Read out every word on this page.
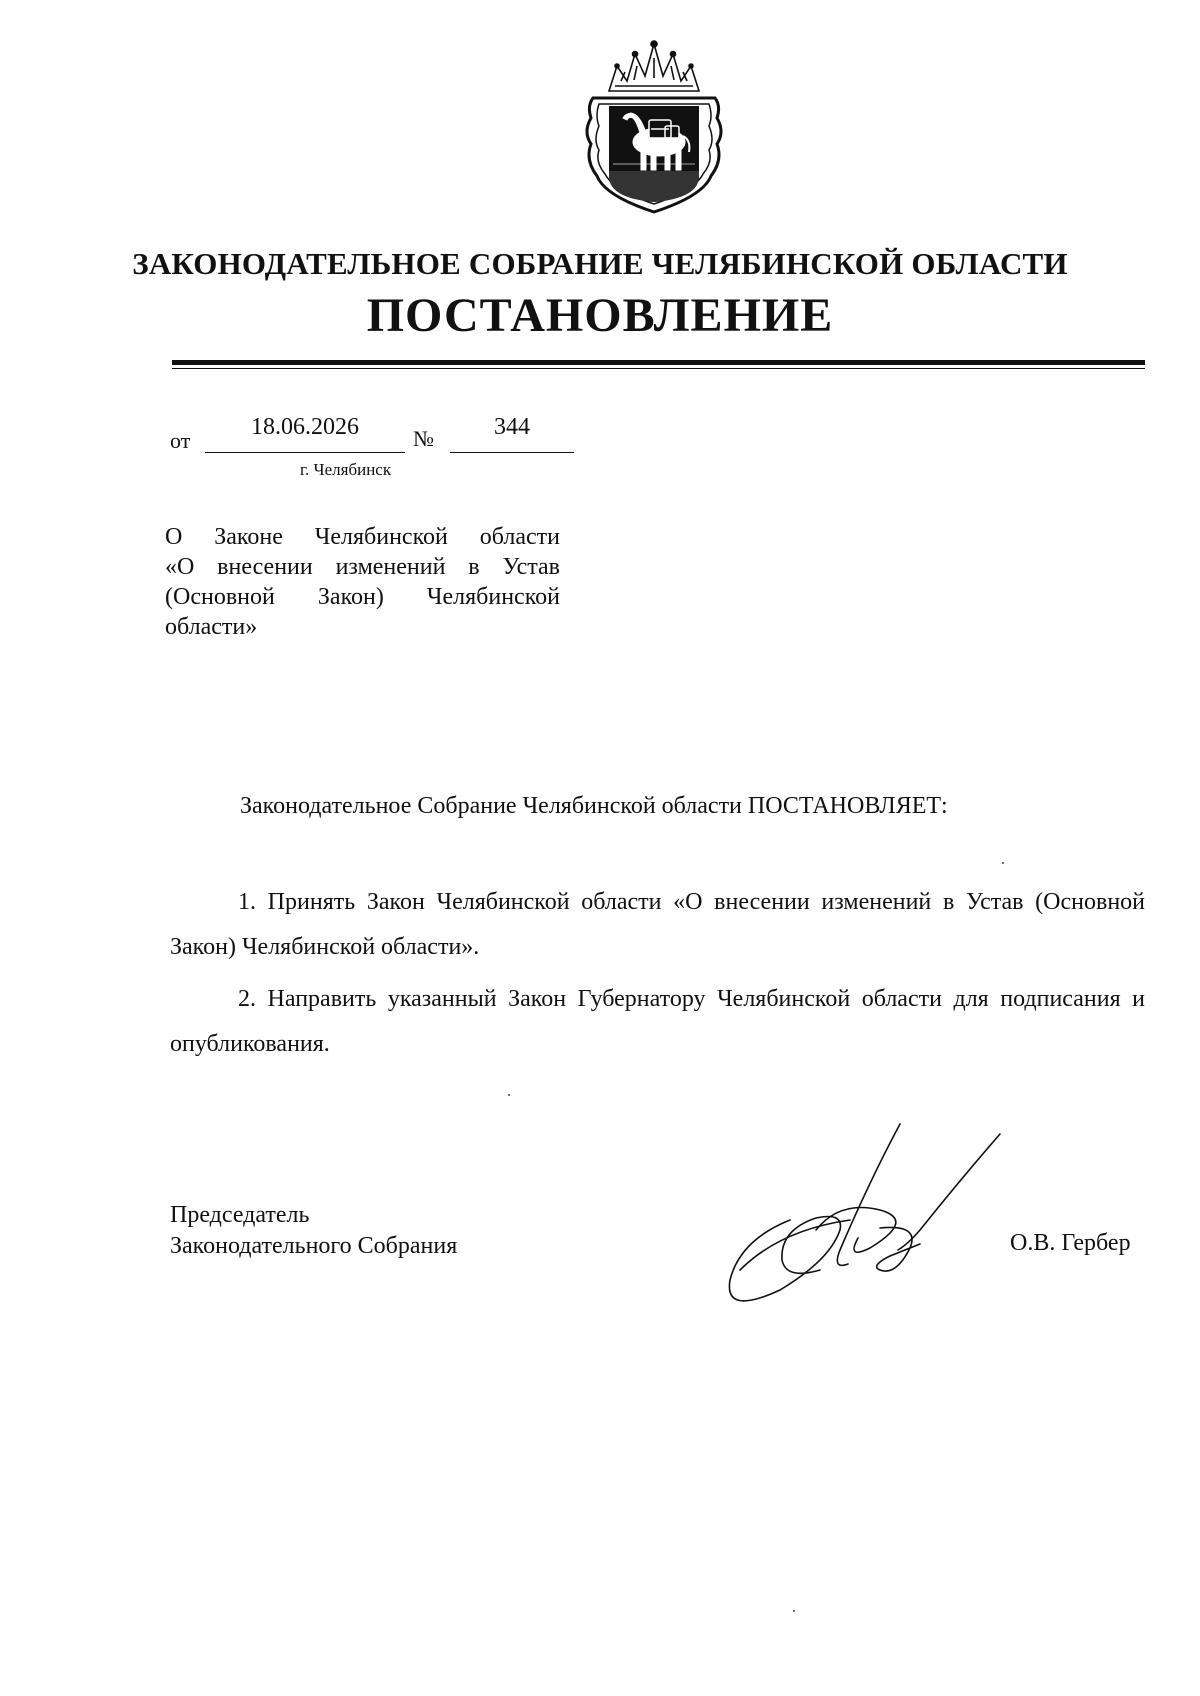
ЗАКОНОДАТЕЛЬНОЕ СОБРАНИЕ ЧЕЛЯБИНСКОЙ ОБЛАСТИ
ПОСТАНОВЛЕНИЕ
от
18.06.2026	№	344
г. Челябинск
О Законе Челябинской области
«О внесении изменений в Устав
(Основной Закон) Челябинской
области»
Законодательное Собрание Челябинской области ПОСТАНОВЛЯЕТ:

1. Принять Закон Челябинской области «О внесении изменений в Устав (Основной Закон) Челябинской области».

2. Направить указанный Закон Губернатору Челябинской области для подписания и опубликования.

Председатель
Законодательного Собрания	О.В. Гербер
